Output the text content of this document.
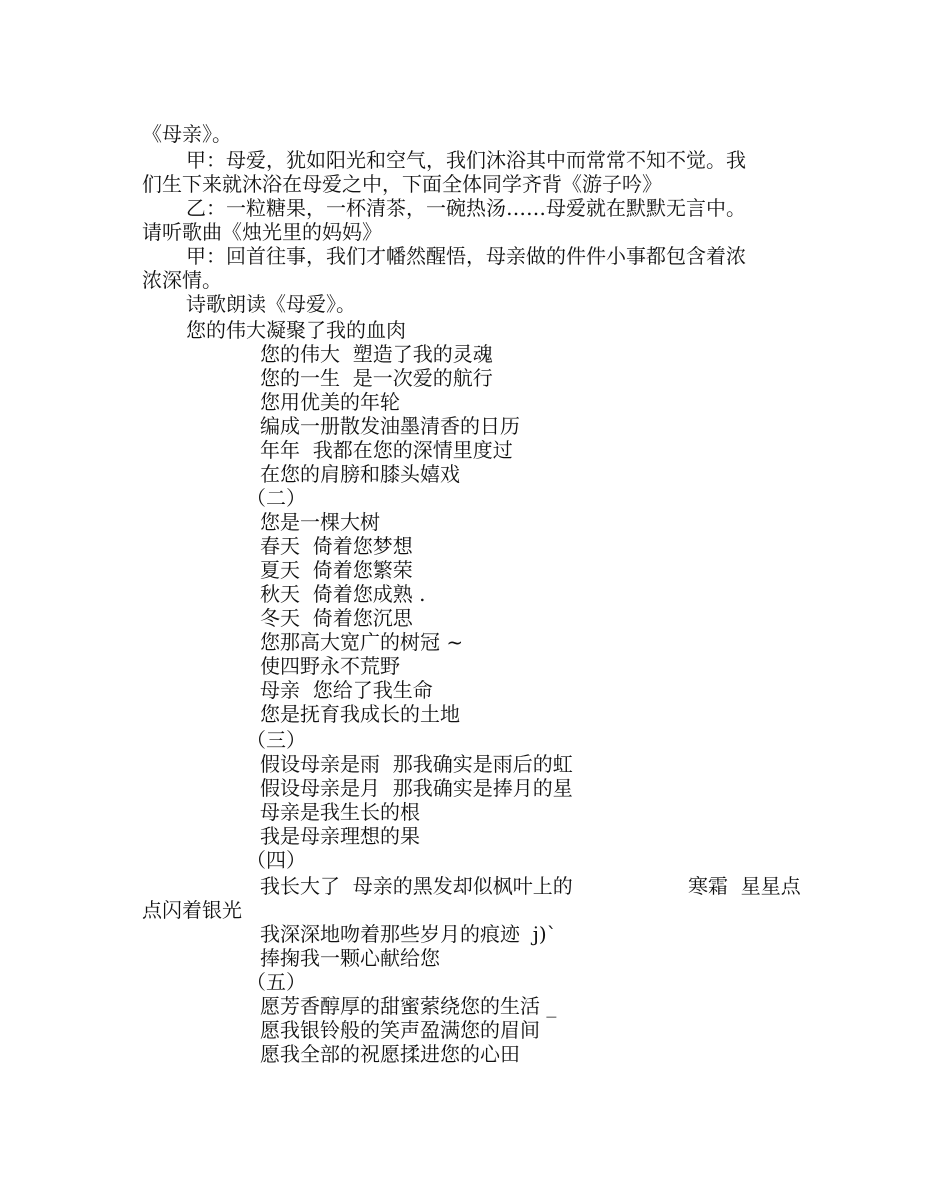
《母亲》。
甲：母爱，犹如阳光和空气，我们沐浴其中而常常不知不觉。我
们生下来就沐浴在母爱之中，下面全体同学齐背《游子吟》
乙：一粒糖果，一杯清茶，一碗热汤……母爱就在默默无言中。
请听歌曲《烛光里的妈妈》
甲：回首往事，我们才幡然醒悟，母亲做的件件小事都包含着浓
浓深情。
诗歌朗读《母爱》。
您的伟大凝聚了我的血肉
您的伟大  塑造了我的灵魂
您的一生  是一次爱的航行
您用优美的年轮
编成一册散发油墨清香的日历
年年  我都在您的深情里度过
在您的肩膀和膝头嬉戏
（二）
您是一棵大树
春天  倚着您梦想
夏天  倚着您繁荣
秋天  倚着您成熟 .
冬天  倚着您沉思
您那高大宽广的树冠 ~
使四野永不荒野
母亲  您给了我生命
您是抚育我成长的土地
（三）
假设母亲是雨  那我确实是雨后的虹
假设母亲是月  那我确实是捧月的星
母亲是我生长的根
我是母亲理想的果
（四）
我长大了  母亲的黑发却似枫叶上的	寒霜  星星点
点闪着银光
我深深地吻着那些岁月的痕迹  j)`
捧掬我一颗心献给您
（五）
愿芳香醇厚的甜蜜萦绕您的生活 _
愿我银铃般的笑声盈满您的眉间
愿我全部的祝愿揉进您的心田
